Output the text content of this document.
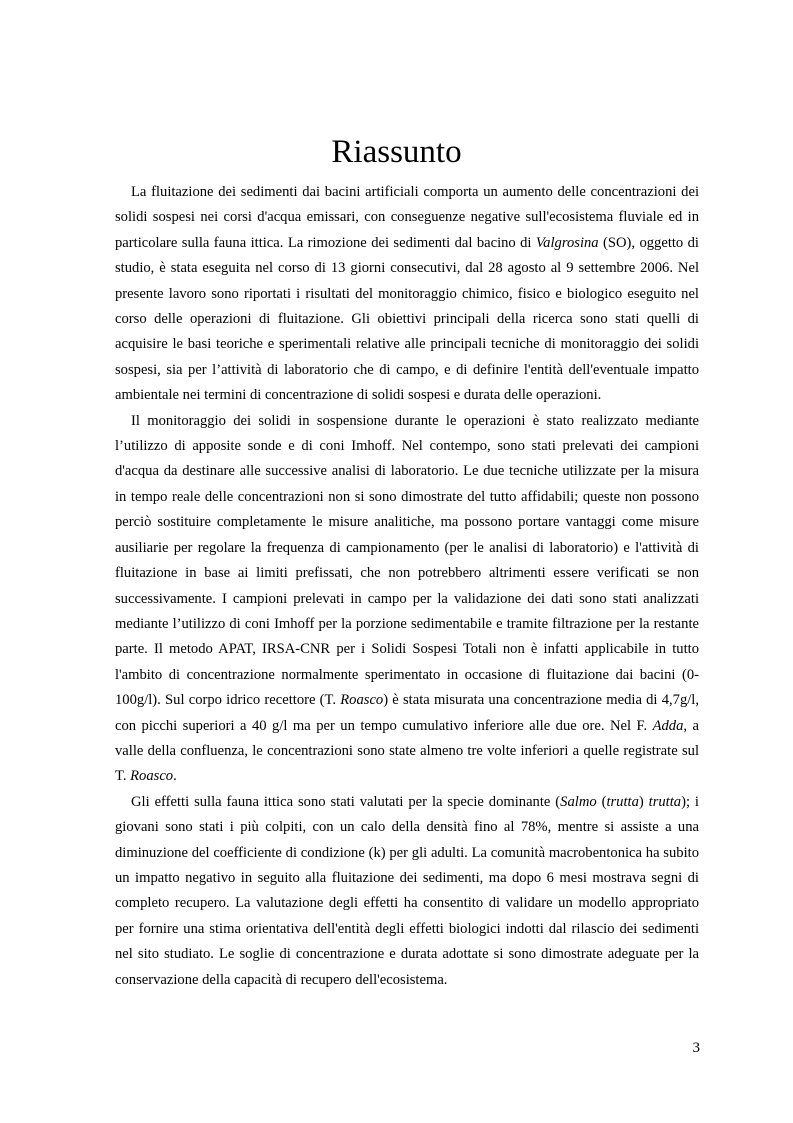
Riassunto
La fluitazione dei sedimenti dai bacini artificiali comporta un aumento delle concentrazioni dei
solidi sospesi nei corsi d'acqua emissari, con conseguenze negative sull'ecosistema fluviale ed in
particolare sulla fauna ittica. La rimozione dei sedimenti dal bacino di Valgrosina (SO), oggetto di
studio, è stata eseguita nel corso di 13 giorni consecutivi, dal 28 agosto al 9 settembre 2006. Nel
presente lavoro sono riportati i risultati del monitoraggio chimico, fisico e biologico eseguito nel
corso delle operazioni di fluitazione. Gli obiettivi principali della ricerca sono stati quelli di
acquisire le basi teoriche e sperimentali relative alle principali tecniche di monitoraggio dei solidi
sospesi, sia per l’attività di laboratorio che di campo, e di definire l'entità dell'eventuale impatto
ambientale nei termini di concentrazione di solidi sospesi e durata delle operazioni.
Il monitoraggio dei solidi in sospensione durante le operazioni è stato realizzato mediante
l’utilizzo di apposite sonde e di coni Imhoff. Nel contempo, sono stati prelevati dei campioni
d'acqua da destinare alle successive analisi di laboratorio. Le due tecniche utilizzate per la misura
in tempo reale delle concentrazioni non si sono dimostrate del tutto affidabili; queste non possono
perciò sostituire completamente le misure analitiche, ma possono portare vantaggi come misure
ausiliarie per regolare la frequenza di campionamento (per le analisi di laboratorio) e l'attività di
fluitazione in base ai limiti prefissati, che non potrebbero altrimenti essere verificati se non
successivamente. I campioni prelevati in campo per la validazione dei dati sono stati analizzati
mediante l’utilizzo di coni Imhoff per la porzione sedimentabile e tramite filtrazione per la restante
parte. Il metodo APAT, IRSA-CNR per i Solidi Sospesi Totali non è infatti applicabile in tutto
l'ambito di concentrazione normalmente sperimentato in occasione di fluitazione dai bacini (0-
100g/l). Sul corpo idrico recettore (T. Roasco) è stata misurata una concentrazione media di 4,7g/l,
con picchi superiori a 40 g/l ma per un tempo cumulativo inferiore alle due ore. Nel F. Adda, a
valle della confluenza, le concentrazioni sono state almeno tre volte inferiori a quelle registrate sul
T. Roasco.
Gli effetti sulla fauna ittica sono stati valutati per la specie dominante (Salmo (trutta) trutta); i
giovani sono stati i più colpiti, con un calo della densità fino al 78%, mentre si assiste a una
diminuzione del coefficiente di condizione (k) per gli adulti. La comunità macrobentonica ha subito
un impatto negativo in seguito alla fluitazione dei sedimenti, ma dopo 6 mesi mostrava segni di
completo recupero. La valutazione degli effetti ha consentito di validare un modello appropriato
per fornire una stima orientativa dell'entità degli effetti biologici indotti dal rilascio dei sedimenti
nel sito studiato. Le soglie di concentrazione e durata adottate si sono dimostrate adeguate per la
conservazione della capacità di recupero dell'ecosistema.
3
